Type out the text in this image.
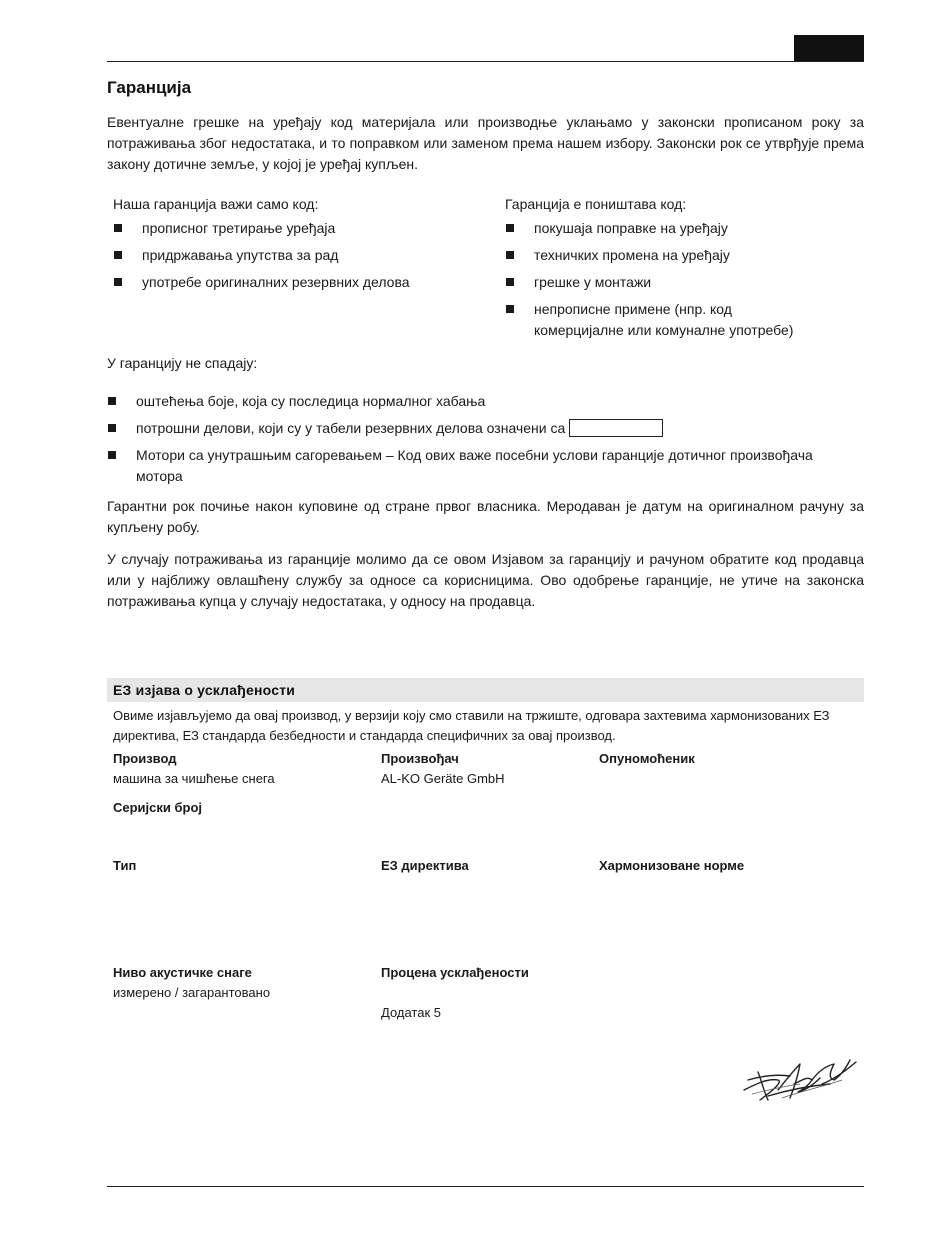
Гаранција

Евентуалне грешке на уређају код материјала или производње уклањамо у законски прописаном року за потраживања због недостатака, и то поправком или заменом према нашем избору. Законски рок се утврђује према закону дотичне земље, у којој је уређај купљен.

Наша гаранција важи само код:
прописног третирање уређаја
придржавања упутства за рад
употребе оригиналних резервних делова
Гаранција е поништава код:
покушаја поправке на уређају
техничких промена на уређају
грешке у монтажи
непрописне примене (нпр. код комерцијалне или комуналне употребе)
У гаранцију не спадају:
оштећења боје, која су последица нормалног хабања
потрошни делови, који су у табели резервних делова означени са
Мотори са унутрашњим сагоревањем – Код ових важе посебни услови гаранције дотичног произвођача мотора

Гарантни рок почиње након куповине од стране првог власника. Меродаван је датум на оригиналном рачуну за купљену робу.

У случају потраживања из гаранције молимо да се овом Изјавом за гаранцију и рачуном обратите код продавца или у најближу овлашћену службу за односе са корисницима. Ово одобрење гаранције, не утиче на законска потраживања купца у случају недостатака, у односу на продавца.

ЕЗ изјава о усклађености

Овиме изјављујемо да овај производ, у верзији коју смо ставили на тржиште, одговара захтевима хармонизованих ЕЗ директива, ЕЗ стандарда безбедности и стандарда специфичних за овај производ.

Производ
машина за чишћење снега
Произвођач
AL-KO Geräte GmbH
Опуномоћеник
Серијски број
Тип	ЕЗ директива	Хармонизоване норме
Ниво акустичке снаге
измерено / загарантовано
Процена усклађености
Додатак 5
